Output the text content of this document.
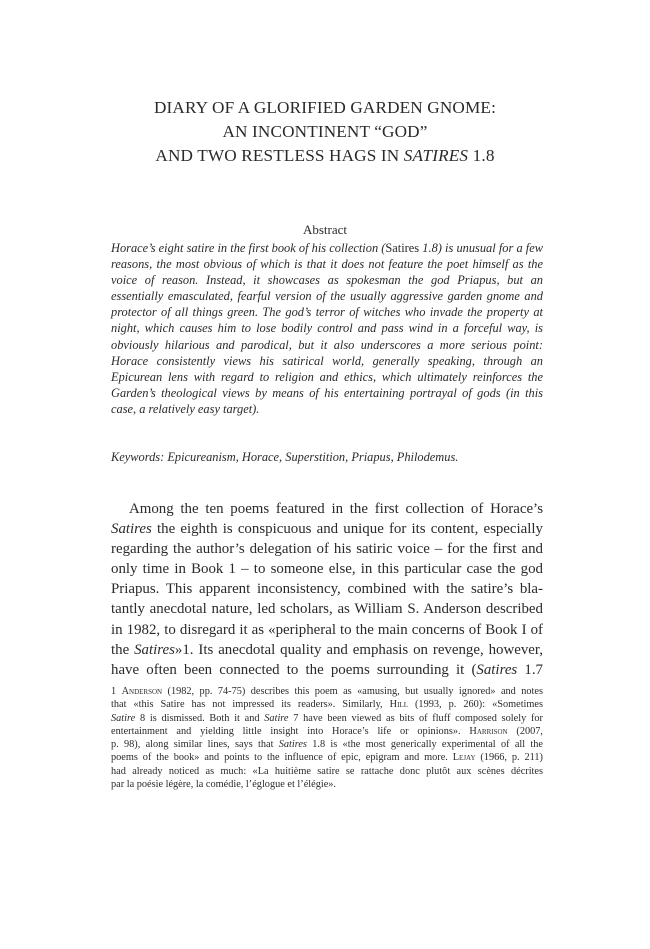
DIARY OF A GLORIFIED GARDEN GNOME:
AN INCONTINENT “GOD”
AND TWO RESTLESS HAGS IN SATIRES 1.8
Abstract

Horace’s eight satire in the first book of his collection (Satires 1.8) is unusual for a few reasons, the most obvious of which is that it does not feature the poet himself as the voice of reason. Instead, it showcases as spokesman the god Priapus, but an essentially emasculated, fearful version of the usually aggressive garden gnome and protector of all things green. The god’s terror of witches who invade the property at night, which causes him to lose bodily control and pass wind in a forceful way, is obviously hilarious and parodical, but it also underscores a more serious point: Horace consistently views his satirical world, generally speaking, through an Epicurean lens with regard to religion and ethics, which ultimately reinforces the Garden’s theological views by means of his entertaining portrayal of gods (in this case, a relatively easy target).

Keywords: Epicureanism, Horace, Superstition, Priapus, Philodemus.

Among the ten poems featured in the first collection of Horace’s
Satires the eighth is conspicuous and unique for its content, especially
regarding the author’s delegation of his satiric voice – for the first and
only time in Book 1 – to someone else, in this particular case the god
Priapus. This apparent inconsistency, combined with the satire’s bla-
tantly anecdotal nature, led scholars, as William S. Anderson described
in 1982, to disregard it as «peripheral to the main concerns of Book I of
the Satires»1. Its anecdotal quality and emphasis on revenge, however,
have often been connected to the poems surrounding it (Satires 1.7

1 Anderson (1982, pp. 74-75) describes this poem as «amusing, but usually ignored» and notes
that «this Satire has not impressed its readers». Similarly, Hill (1993, p. 260): «Sometimes
Satire 8 is dismissed. Both it and Satire 7 have been viewed as bits of fluff composed solely for
entertainment and yielding little insight into Horace’s life or opinions». Harrison (2007,
p. 98), along similar lines, says that Satires 1.8 is «the most generically experimental of all the
poems of the book» and points to the influence of epic, epigram and more. Lejay (1966, p. 211)
had already noticed as much: «La huitième satire se rattache donc plutôt aux scènes décrites
par la poésie légère, la comédie, l’églogue et l’élégie».
